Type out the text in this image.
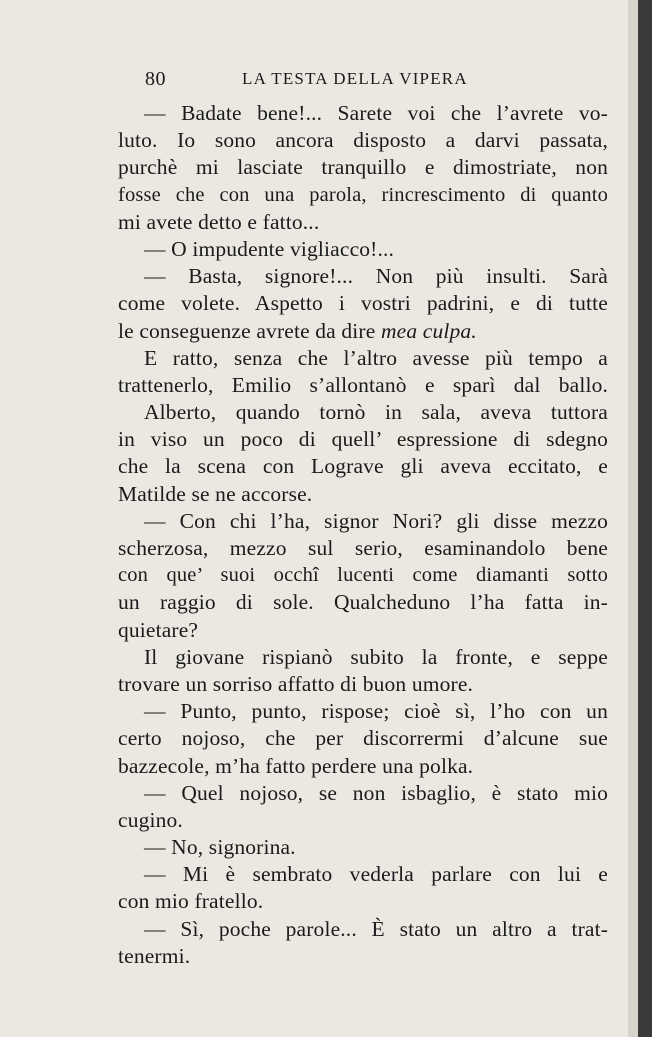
80	LA TESTA DELLA VIPERA
— Badate bene!... Sarete voi che l’avrete vo-
luto. Io sono ancora disposto a darvi passata,
purchè mi lasciate tranquillo e dimostriate, non
fosse che con una parola, rincrescimento di quanto
mi avete detto e fatto...
— O impudente vigliacco!...
— Basta, signore!... Non più insulti. Sarà
come volete. Aspetto i vostri padrini, e di tutte
le conseguenze avrete da dire mea culpa.
E ratto, senza che l’altro avesse più tempo a
trattenerlo, Emilio s’allontanò e sparì dal ballo.
Alberto, quando tornò in sala, aveva tuttora
in viso un poco di quell’ espressione di sdegno
che la scena con Lograve gli aveva eccitato, e
Matilde se ne accorse.
— Con chi l’ha, signor Nori? gli disse mezzo
scherzosa, mezzo sul serio, esaminandolo bene
con que’ suoi occhî lucenti come diamanti sotto
un raggio di sole. Qualcheduno l’ha fatta in-
quietare?
Il giovane rispianò subito la fronte, e seppe
trovare un sorriso affatto di buon umore.
— Punto, punto, rispose; cioè sì, l’ho con un
certo nojoso, che per discorrermi d’alcune sue
bazzecole, m’ha fatto perdere una polka.
— Quel nojoso, se non isbaglio, è stato mio
cugino.
— No, signorina.
— Mi è sembrato vederla parlare con lui e
con mio fratello.
— Sì, poche parole... È stato un altro a trat-
tenermi.
